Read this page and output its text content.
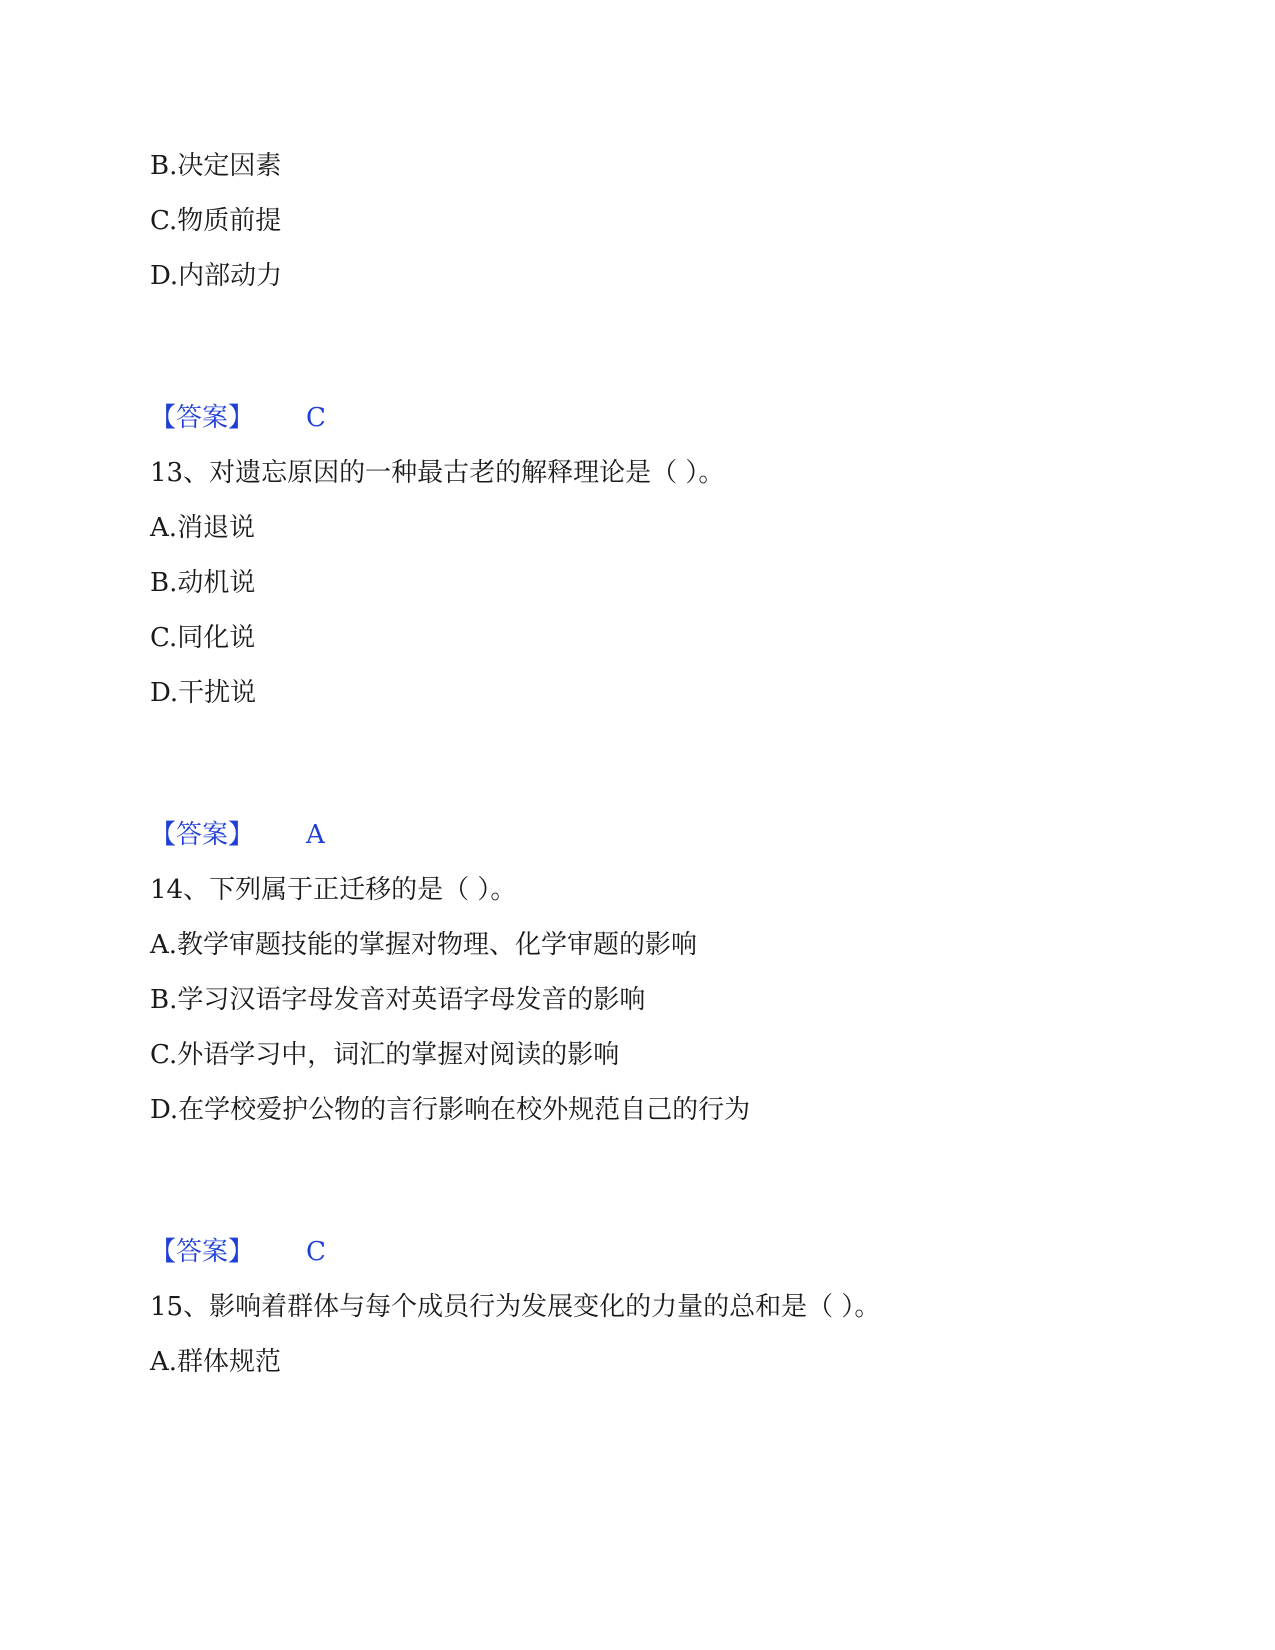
B.决定因素
C.物质前提
D.内部动力
【答案】 C
13、对遗忘原因的一种最古老的解释理论是（ ）。
A.消退说
B.动机说
C.同化说
D.干扰说
【答案】 A
14、下列属于正迁移的是（ ）。
A.教学审题技能的掌握对物理、化学审题的影响
B.学习汉语字母发音对英语字母发音的影响
C.外语学习中，词汇的掌握对阅读的影响
D.在学校爱护公物的言行影响在校外规范自己的行为
【答案】 C
15、影响着群体与每个成员行为发展变化的力量的总和是（ ）。
A.群体规范
